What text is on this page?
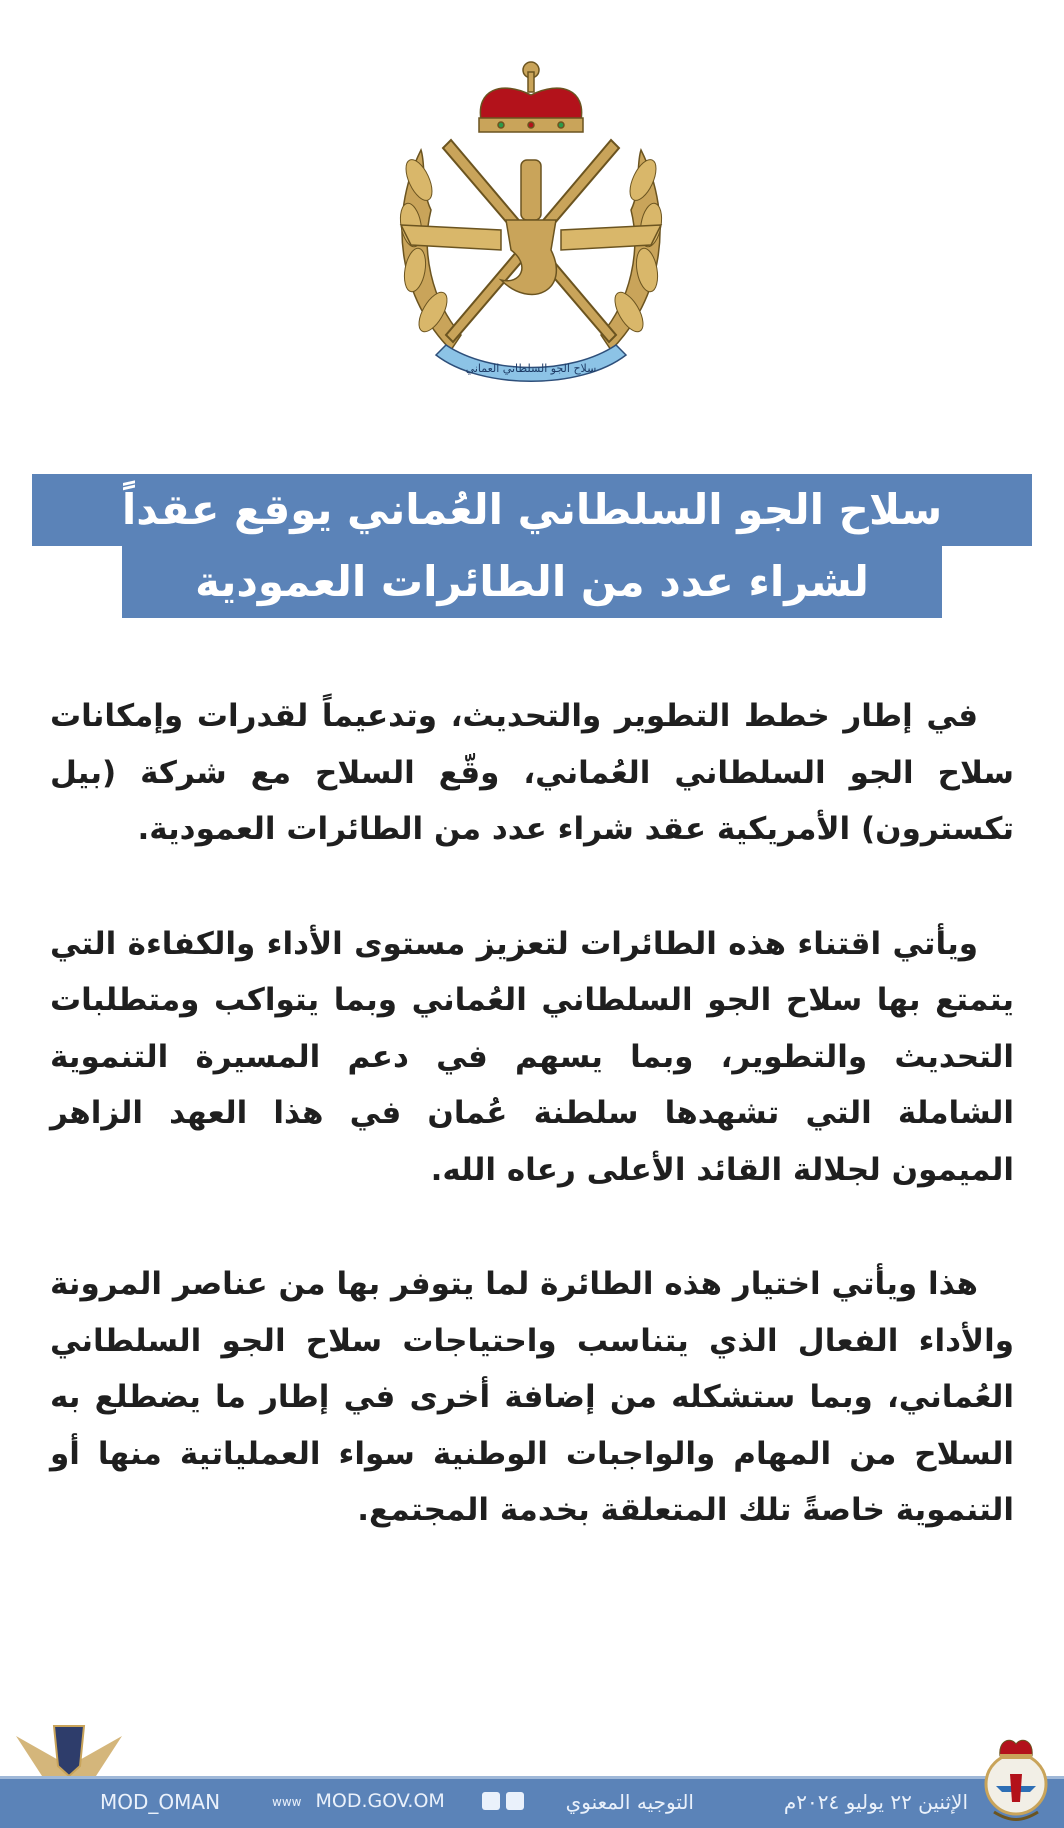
سلاح الجو السلطاني العماني
سلاح الجو السلطاني العُماني يوقع عقداً
لشراء عدد من الطائرات العمودية

في إطار خطط التطوير والتحديث، وتدعيماً لقدرات وإمكانات سلاح الجو السلطاني العُماني، وقّع السلاح مع شركة (بيل تكسترون) الأمريكية عقد شراء عدد من الطائرات العمودية.

ويأتي اقتناء هذه الطائرات لتعزيز مستوى الأداء والكفاءة التي يتمتع بها سلاح الجو السلطاني العُماني وبما يتواكب ومتطلبات التحديث والتطوير، وبما يسهم في دعم المسيرة التنموية الشاملة التي تشهدها سلطنة عُمان في هذا العهد الزاهر الميمون لجلالة القائد الأعلى رعاه الله.

هذا ويأتي اختيار هذه الطائرة لما يتوفر بها من عناصر المرونة والأداء الفعال الذي يتناسب واحتياجات سلاح الجو السلطاني العُماني، وبما ستشكله من إضافة أخرى في إطار ما يضطلع به السلاح من المهام والواجبات الوطنية سواء العملياتية منها أو التنموية خاصةً تلك المتعلقة بخدمة المجتمع.

الإثنين ٢٢ يوليو ٢٠٢٤م
التوجيه المعنوي
www MOD.GOV.OM
MOD_OMAN
